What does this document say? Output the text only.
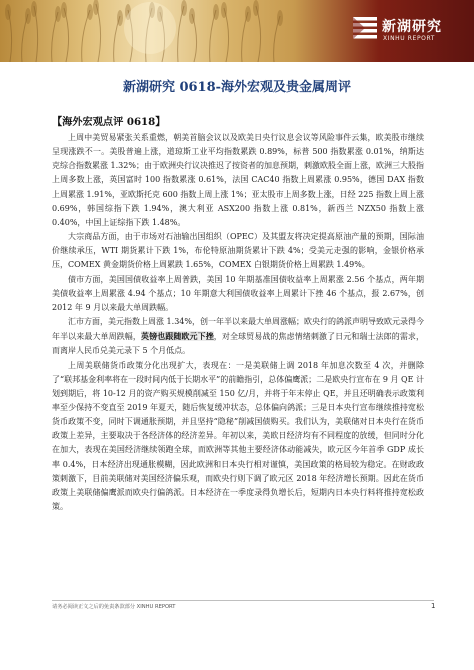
新湖研究
XINHU REPORT
新湖研究 0618-海外宏观及贵金属周评
【海外宏观点评 0618】

上周中美贸易紧张关系重燃，朝美首脑会议以及欧美日央行议息会议等风险事件云集，欧美股市继续呈现涨跌不一。美股普遍上涨，道琼斯工业平均指数累跌 0.89%，标普 500 指数累涨 0.01%，纳斯达克综合指数累涨 1.32%；由于欧洲央行议决推迟了按资者的加息预期，刺激欧股全面上涨，欧洲三大股指上周多数上涨，英国富时 100 指数累涨 0.61%，法国 CAC40 指数上周累涨 0.95%，德国 DAX 指数上周累涨 1.91%，亚欧斯托克 600 指数上周上涨 1%；亚太股市上周多数上涨，日经 225 指数上周上涨 0.69%，韩国综指下跌 1.94%，澳大利亚 ASX200 指数上涨 0.81%，新西兰 NZX50 指数上涨 0.40%，中国上证综指下跌 1.48%。

大宗商品方面，由于市场对石油输出国组织（OPEC）及其盟友将决定提高原油产量的预期，国际油价继续承压，WTI 期货累计下跌 1%，布伦特原油期货累计下跌 4%；受美元走强的影响，金银价格承压，COMEX 黄金期货价格上周累跌 1.65%，COMEX 白银期货价格上周累跌 1.49%。

债市方面，美国国债收益率上周普跌，美国 10 年期基准国债收益率上周累涨 2.56 个基点，两年期美债收益率上周累涨 4.94 个基点；10 年期意大利国债收益率上周累计下挫 46 个基点，报 2.67%，创 2012 年 9 月以来最大单周跌幅。

汇市方面，美元指数上周涨 1.34%，创一年半以来最大单周涨幅；欧央行的鸽派声明导致欧元录得今年半以来最大单周跌幅，英镑也跟随欧元下挫，对全球贸易战的焦虑情绪刺激了日元和瑞士法郎的需求，而离岸人民币兑美元录下 5 个月低点。

上周美联储货币政策分化出现扩大，表现在：一是美联储上调 2018 年加息次数至 4 次，并删除了“联邦基金利率将在一段时间内低于长期水平”的前瞻指引，总体偏鹰派；二是欧央行宣布在 9 月 QE 计划到期后，将 10-12 月的资产购买规模削减至 150 亿/月，并将于年末停止 QE，并且还明确表示政策利率至少保持不变直至 2019 年夏天，随后恢复缓冲状态，总体偏向鸽派；三是日本央行宣布继续推持宽松货币政策不变，同时下调通胀预期，并且坚持“隐秘”削减国债购买。我们认为，美联储对日本央行在货币政策上差异，主要取决于各经济体的经济差异。年初以来，美欧日经济均有不同程度的放缓，但同时分化在加大，表现在美国经济继续领跑全球，而欧洲等其他主要经济体动能减失，欧元区今年首季 GDP 成长率 0.4%，日本经济出现通胀模糊，因此欧洲和日本央行相对谨慎，美国政策的格局较为稳定。在财政政策刺激下，目前美联储对美国经济偏乐观，而欧央行则下调了欧元区 2018 年经济增长预期。因此在货币政策上美联储偏鹰派而欧央行偏鸽派。日本经济在一季度录得负增长后，短期内日本央行料将推持宽松政策。

请务必阅读正文之后的免责条款部分 XINHU REPORT	1
